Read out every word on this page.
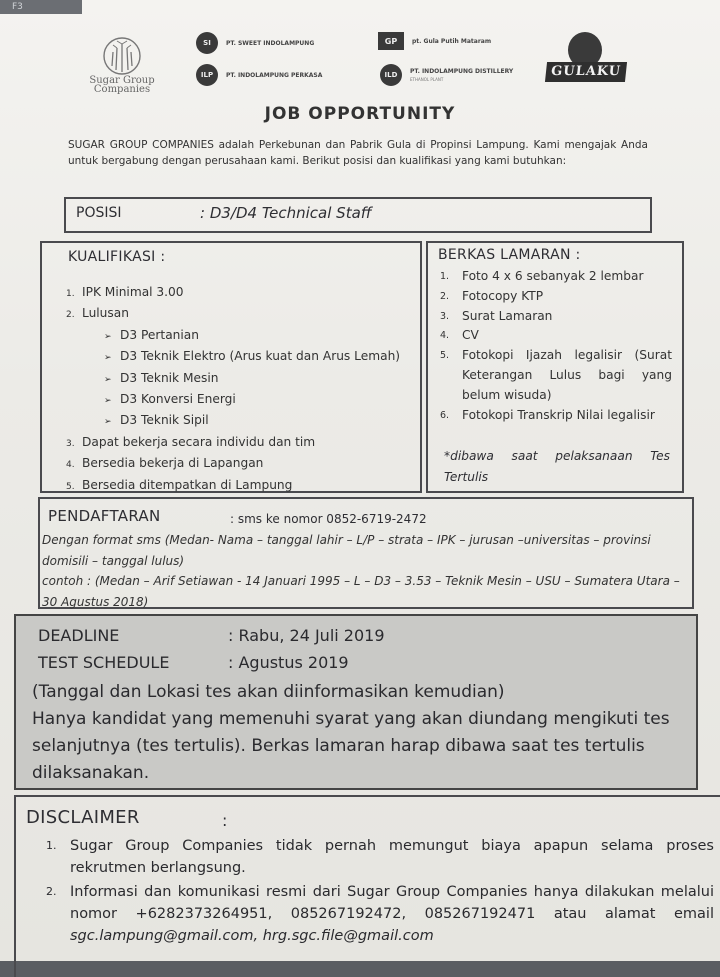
F3
Sugar Group Companies
SI	PT. SWEET INDOLAMPUNG	GP	pt. Gula Putih Mataram
ILP	PT. INDOLAMPUNG PERKASA	ILD	PT. INDOLAMPUNG DISTILLERY
ETHANOL PLANT
GULAKU
JOB OPPORTUNITY
SUGAR GROUP COMPANIES adalah Perkebunan dan Pabrik Gula di Propinsi Lampung. Kami mengajak Anda untuk bergabung dengan perusahaan kami. Berikut posisi dan kualifikasi yang kami butuhkan:
POSISI	: D3/D4 Technical Staff
KUALIFIKASI :
1. IPK Minimal 3.00
2. Lulusan
➢ D3 Pertanian
➢ D3 Teknik Elektro (Arus kuat dan Arus Lemah)
➢ D3 Teknik Mesin
➢ D3 Konversi Energi
➢ D3 Teknik Sipil
3. Dapat bekerja secara individu dan tim
4. Bersedia bekerja di Lapangan
5. Bersedia ditempatkan di Lampung
BERKAS LAMARAN :
1.	Foto 4 x 6 sebanyak 2 lembar
2.	Fotocopy KTP
3.	Surat Lamaran
4.	CV
5.	Fotokopi Ijazah legalisir (Surat Keterangan Lulus bagi yang belum wisuda)
6.	Fotokopi Transkrip Nilai legalisir
*dibawa saat pelaksanaan Tes Tertulis
PENDAFTARAN	: sms ke nomor 0852-6719-2472
Dengan format sms (Medan- Nama – tanggal lahir – L/P – strata – IPK – jurusan –universitas – provinsi domisili – tanggal lulus)
contoh : (Medan – Arif Setiawan - 14 Januari 1995 – L – D3 – 3.53 – Teknik Mesin – USU – Sumatera Utara – 30 Agustus 2018)
DEADLINE	: Rabu, 24 Juli 2019
TEST SCHEDULE	: Agustus 2019
(Tanggal dan Lokasi tes akan diinformasikan kemudian)
Hanya kandidat yang memenuhi syarat yang akan diundang mengikuti tes selanjutnya (tes tertulis). Berkas lamaran harap dibawa saat tes tertulis dilaksanakan.
DISCLAIMER	:
1. Sugar Group Companies tidak pernah memungut biaya apapun selama proses rekrutmen berlangsung.
2. Informasi dan komunikasi resmi dari Sugar Group Companies hanya dilakukan melalui nomor +6282373264951, 085267192472, 085267192471 atau alamat email sgc.lampung@gmail.com, hrg.sgc.file@gmail.com
